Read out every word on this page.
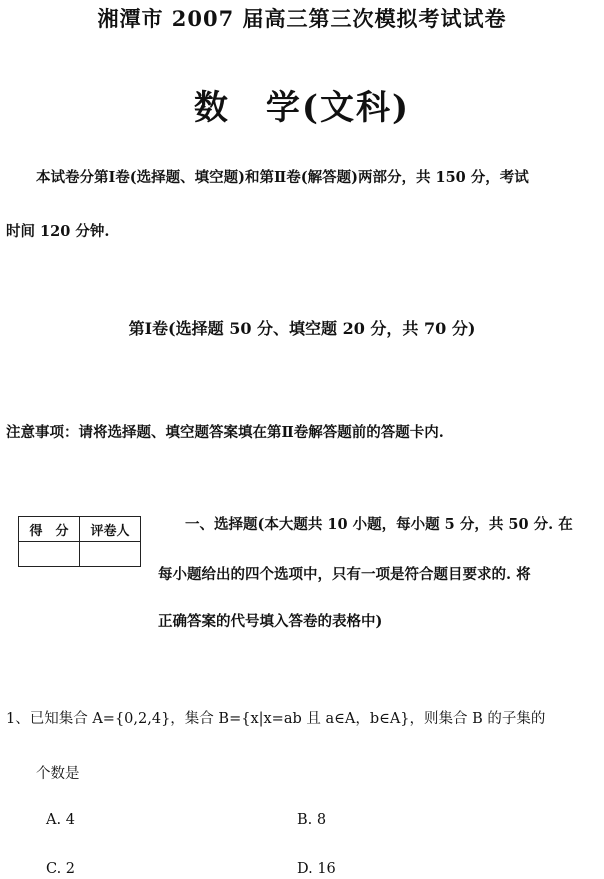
湘潭市 2007 届高三第三次模拟考试试卷
数　学(文科)
本试卷分第Ⅰ卷(选择题、填空题)和第Ⅱ卷(解答题)两部分，共 150 分，考试
时间 120 分钟.
第Ⅰ卷(选择题 50 分、填空题 20 分，共 70 分)
注意事项：请将选择题、填空题答案填在第Ⅱ卷解答题前的答题卡内.
得　分	评卷人
		一、选择题(本大题共 10 小题，每小题 5 分，共 50 分. 在
每小题给出的四个选项中，只有一项是符合题目要求的. 将
正确答案的代号填入答卷的表格中)
1、已知集合 A={0,2,4}，集合 B={x|x=ab 且 a∈A，b∈A}，则集合 B 的子集的
个数是
A. 4	B. 8
C. 2	D. 16
